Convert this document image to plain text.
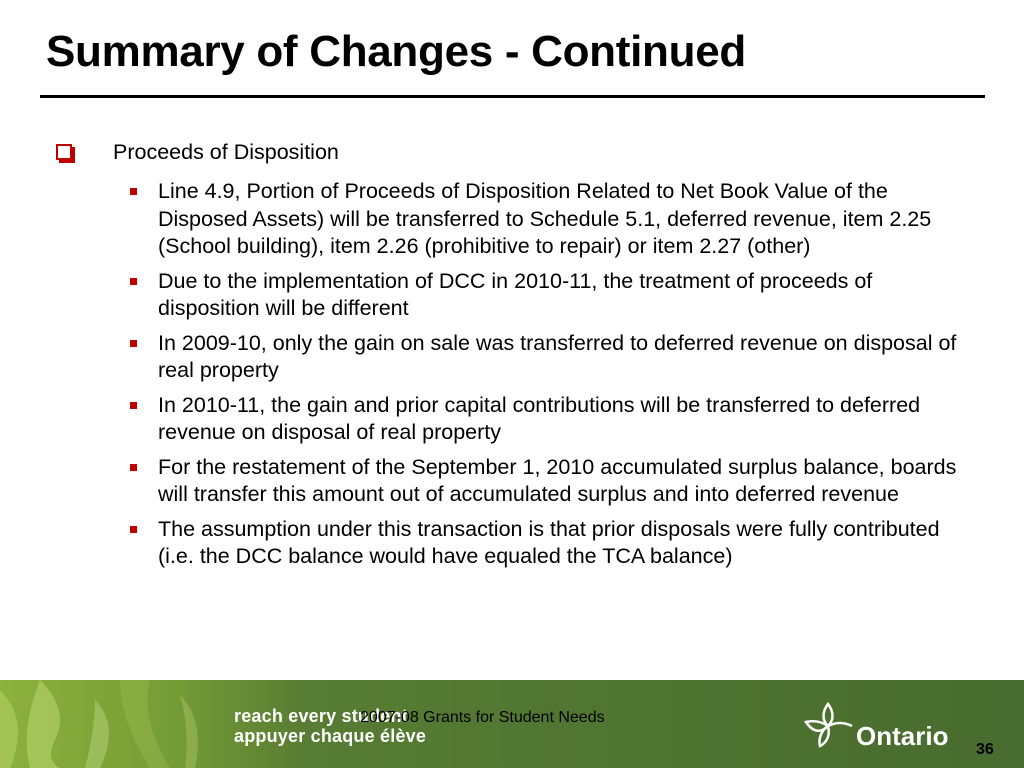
Summary of Changes - Continued
Proceeds of Disposition
Line 4.9, Portion of Proceeds of Disposition Related to Net Book Value of the Disposed Assets) will be transferred to Schedule 5.1, deferred revenue, item 2.25 (School building), item 2.26 (prohibitive to repair) or item 2.27 (other)
Due to the implementation of DCC in 2010-11, the treatment of proceeds of disposition will be different
In 2009-10, only the gain on sale was transferred to deferred revenue on disposal of real property
In 2010-11, the gain and prior capital contributions will be transferred to deferred revenue on disposal of real property
For the restatement of the September 1, 2010 accumulated surplus balance, boards will transfer this amount out of accumulated surplus and into deferred revenue
The assumption under this transaction is that prior disposals were fully contributed (i.e. the DCC balance would have equaled the TCA balance)
reach every student
appuyer chaque élève
2007-08 Grants for Student Needs
Ontario 36
